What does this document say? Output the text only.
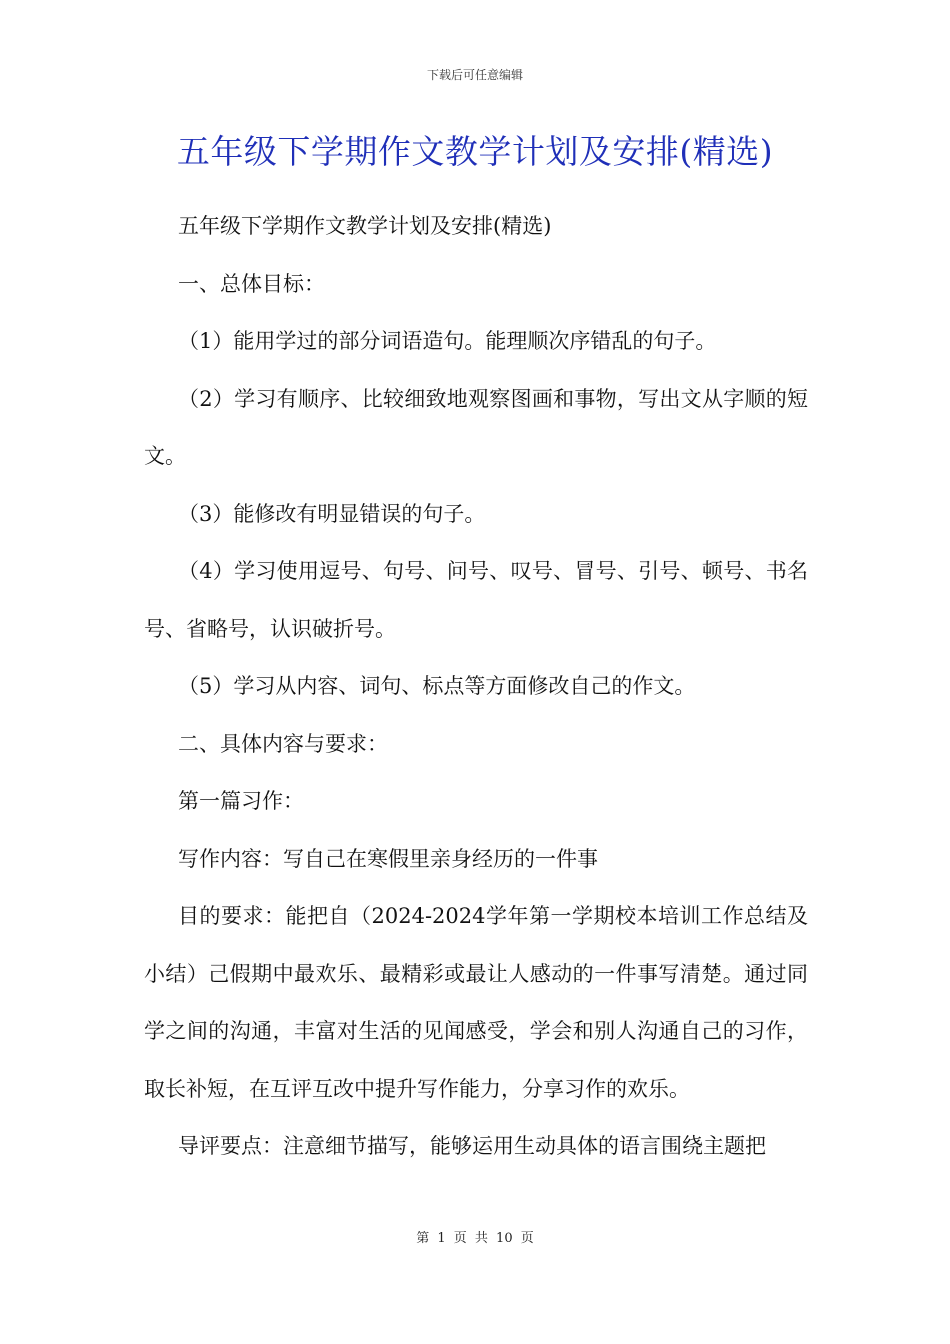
下载后可任意编辑
五年级下学期作文教学计划及安排(精选)

五年级下学期作文教学计划及安排(精选)

一、总体目标：

（1）能用学过的部分词语造句。能理顺次序错乱的句子。

（2）学习有顺序、比较细致地观察图画和事物，写出文从字顺的短文。

（3）能修改有明显错误的句子。

（4）学习使用逗号、句号、问号、叹号、冒号、引号、顿号、书名号、省略号，认识破折号。

（5）学习从内容、词句、标点等方面修改自己的作文。

二、具体内容与要求：

第一篇习作：

写作内容：写自己在寒假里亲身经历的一件事

目的要求：能把自（2024-2024学年第一学期校本培训工作总结及小结）己假期中最欢乐、最精彩或最让人感动的一件事写清楚。通过同学之间的沟通，丰富对生活的见闻感受，学会和别人沟通自己的习作，取长补短，在互评互改中提升写作能力，分享习作的欢乐。

导评要点：注意细节描写，能够运用生动具体的语言围绕主题把

第 1 页 共 10 页
